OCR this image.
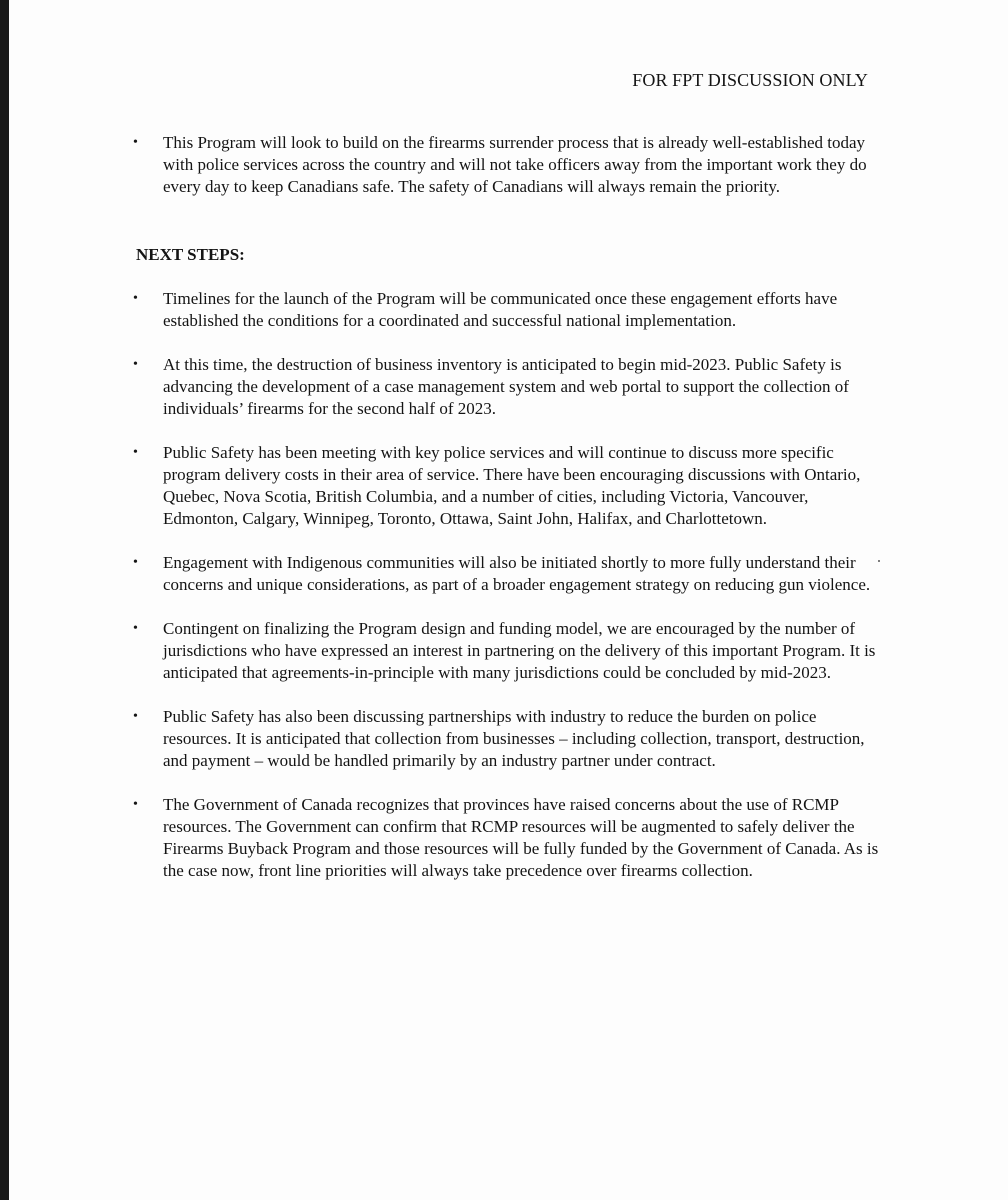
FOR FPT DISCUSSION ONLY
• This Program will look to build on the firearms surrender process that is already well-established today with police services across the country and will not take officers away from the important work they do every day to keep Canadians safe. The safety of Canadians will always remain the priority.
NEXT STEPS:
• Timelines for the launch of the Program will be communicated once these engagement efforts have established the conditions for a coordinated and successful national implementation.
• At this time, the destruction of business inventory is anticipated to begin mid-2023. Public Safety is advancing the development of a case management system and web portal to support the collection of individuals’ firearms for the second half of 2023.
• Public Safety has been meeting with key police services and will continue to discuss more specific program delivery costs in their area of service. There have been encouraging discussions with Ontario, Quebec, Nova Scotia, British Columbia, and a number of cities, including Victoria, Vancouver, Edmonton, Calgary, Winnipeg, Toronto, Ottawa, Saint John, Halifax, and Charlottetown.
• Engagement with Indigenous communities will also be initiated shortly to more fully understand their concerns and unique considerations, as part of a broader engagement strategy on reducing gun violence.
• Contingent on finalizing the Program design and funding model, we are encouraged by the number of jurisdictions who have expressed an interest in partnering on the delivery of this important Program. It is anticipated that agreements-in-principle with many jurisdictions could be concluded by mid-2023.
• Public Safety has also been discussing partnerships with industry to reduce the burden on police resources. It is anticipated that collection from businesses – including collection, transport, destruction, and payment – would be handled primarily by an industry partner under contract.
• The Government of Canada recognizes that provinces have raised concerns about the use of RCMP resources. The Government can confirm that RCMP resources will be augmented to safely deliver the Firearms Buyback Program and those resources will be fully funded by the Government of Canada. As is the case now, front line priorities will always take precedence over firearms collection.
